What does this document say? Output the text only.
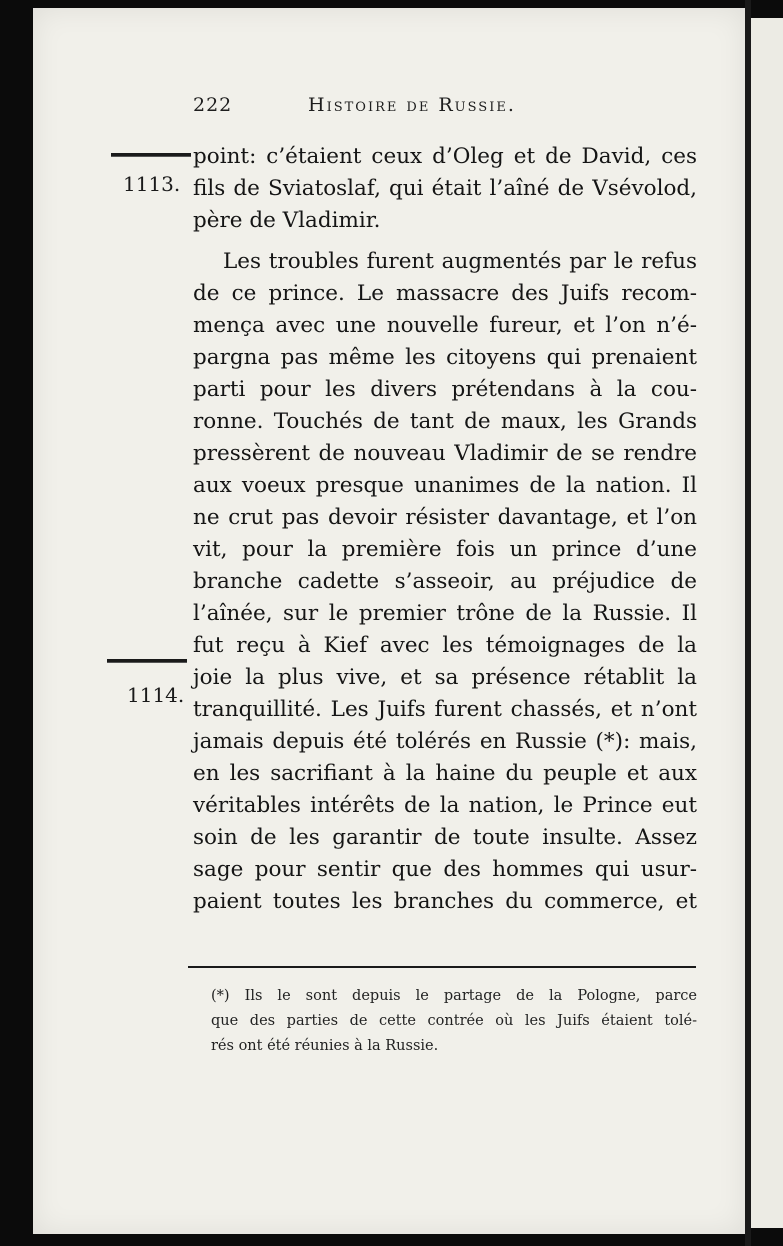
222	Histoire de Russie.
1113.
1114.
point: c’étaient ceux d’Oleg et de David, ces
fils de Sviatoslaf, qui était l’aîné de Vsévolod,
père de Vladimir.
Les troubles furent augmentés par le refus
de ce prince. Le massacre des Juifs recom-
mença avec une nouvelle fureur, et l’on n’é-
pargna pas même les citoyens qui prenaient
parti pour les divers prétendans à la cou-
ronne. Touchés de tant de maux, les Grands
pressèrent de nouveau Vladimir de se rendre
aux voeux presque unanimes de la nation. Il
ne crut pas devoir résister davantage, et l’on
vit, pour la première fois un prince d’une
branche cadette s’asseoir, au préjudice de
l’aînée, sur le premier trône de la Russie. Il
fut reçu à Kief avec les témoignages de la
joie la plus vive, et sa présence rétablit la
tranquillité. Les Juifs furent chassés, et n’ont
jamais depuis été tolérés en Russie (*): mais,
en les sacrifiant à la haine du peuple et aux
véritables intérêts de la nation, le Prince eut
soin de les garantir de toute insulte. Assez
sage pour sentir que des hommes qui usur-
paient toutes les branches du commerce, et
(*) Ils le sont depuis le partage de la Pologne, parce
que des parties de cette contrée où les Juifs étaient tolé-
rés ont été réunies à la Russie.
